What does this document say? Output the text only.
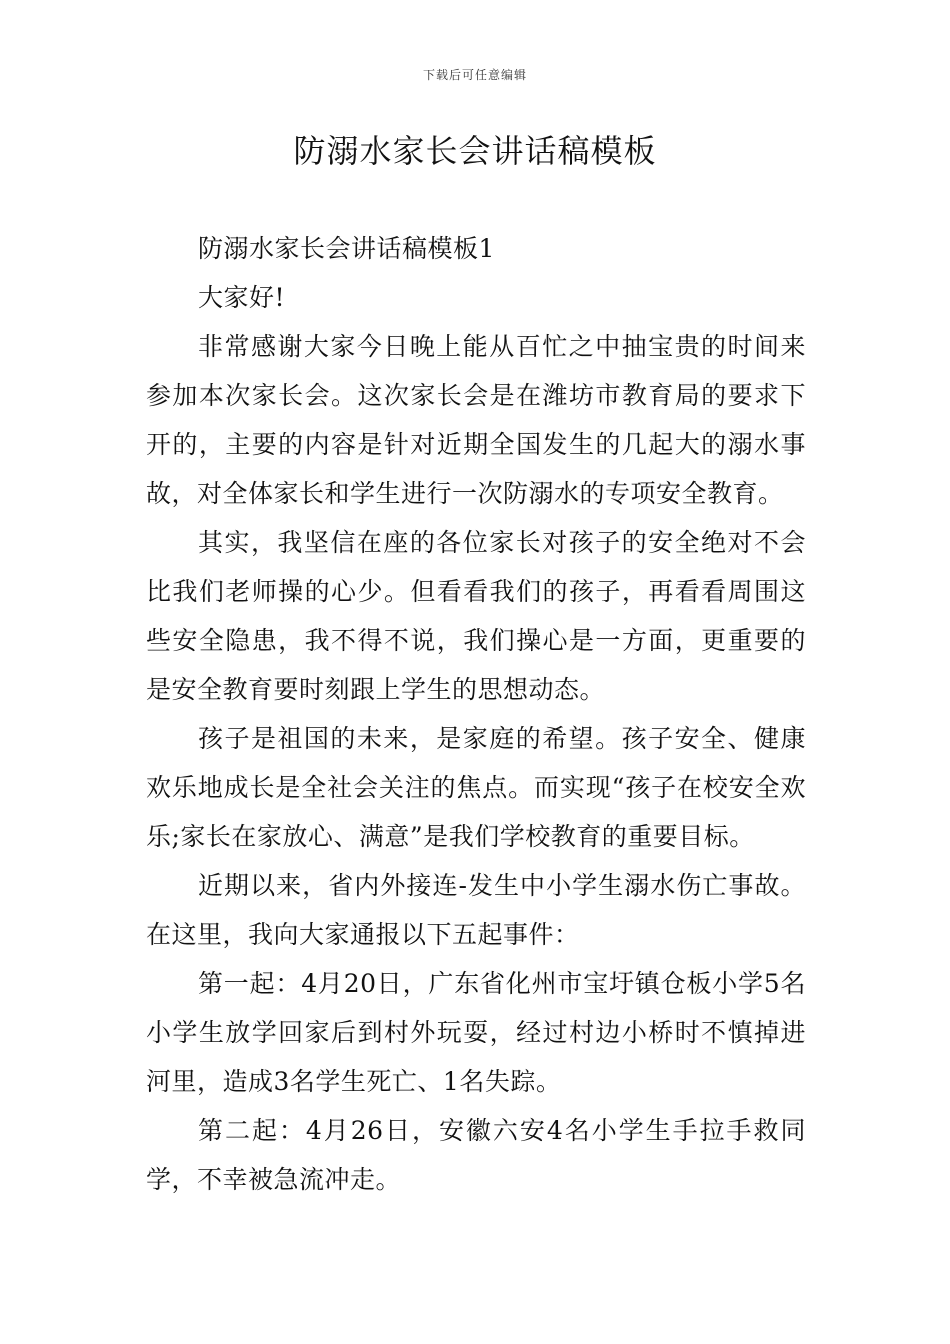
下载后可任意编辑
防溺水家长会讲话稿模板

防溺水家长会讲话稿模板1

大家好!

非常感谢大家今日晚上能从百忙之中抽宝贵的时间来参加本次家长会。这次家长会是在潍坊市教育局的要求下开的，主要的内容是针对近期全国发生的几起大的溺水事故，对全体家长和学生进行一次防溺水的专项安全教育。

其实，我坚信在座的各位家长对孩子的安全绝对不会比我们老师操的心少。但看看我们的孩子，再看看周围这些安全隐患，我不得不说，我们操心是一方面，更重要的是安全教育要时刻跟上学生的思想动态。

孩子是祖国的未来，是家庭的希望。孩子安全、健康欢乐地成长是全社会关注的焦点。而实现“孩子在校安全欢乐;家长在家放心、满意”是我们学校教育的重要目标。

近期以来，省内外接连-发生中小学生溺水伤亡事故。在这里，我向大家通报以下五起事件：

第一起：4月20日，广东省化州市宝圩镇仓板小学5名小学生放学回家后到村外玩耍，经过村边小桥时不慎掉进河里，造成3名学生死亡、1名失踪。

第二起：4月26日，安徽六安4名小学生手拉手救同学，不幸被急流冲走。
